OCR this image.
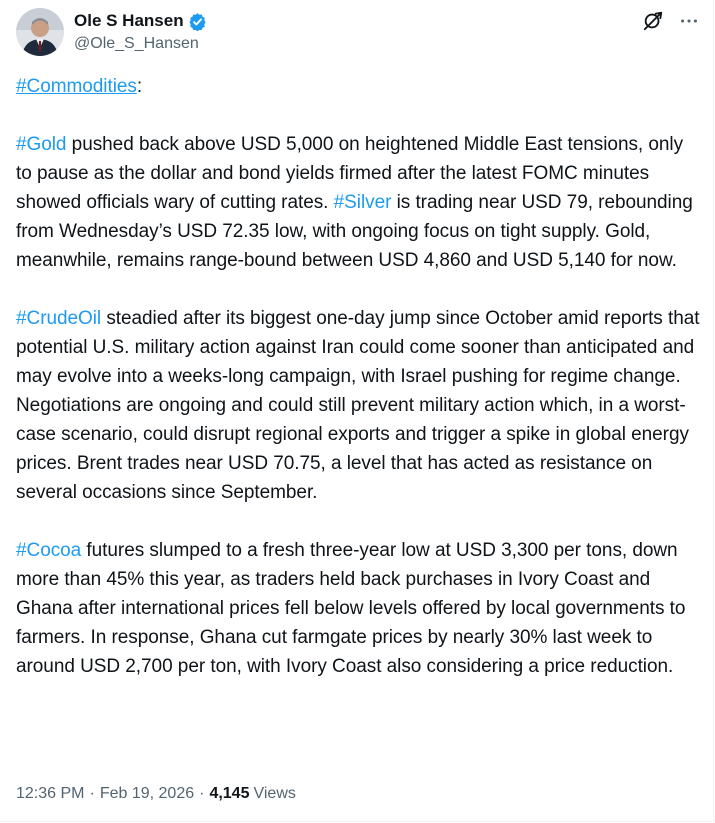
Ole S Hansen
@Ole_S_Hansen

#Commodities:

#Gold pushed back above USD 5,000 on heightened Middle East tensions, only to pause as the dollar and bond yields firmed after the latest FOMC minutes showed officials wary of cutting rates. #Silver is trading near USD 79, rebounding from Wednesday’s USD 72.35 low, with ongoing focus on tight supply. Gold, meanwhile, remains range-bound between USD 4,860 and USD 5,140 for now.

#CrudeOil steadied after its biggest one-day jump since October amid reports that potential U.S. military action against Iran could come sooner than anticipated and may evolve into a weeks-long campaign, with Israel pushing for regime change. Negotiations are ongoing and could still prevent military action which, in a worst-case scenario, could disrupt regional exports and trigger a spike in global energy prices. Brent trades near USD 70.75, a level that has acted as resistance on several occasions since September.

#Cocoa futures slumped to a fresh three-year low at USD 3,300 per tons, down more than 45% this year, as traders held back purchases in Ivory Coast and Ghana after international prices fell below levels offered by local governments to farmers. In response, Ghana cut farmgate prices by nearly 30% last week to around USD 2,700 per ton, with Ivory Coast also considering a price reduction.

12:36 PM · Feb 19, 2026 · 4,145 Views
